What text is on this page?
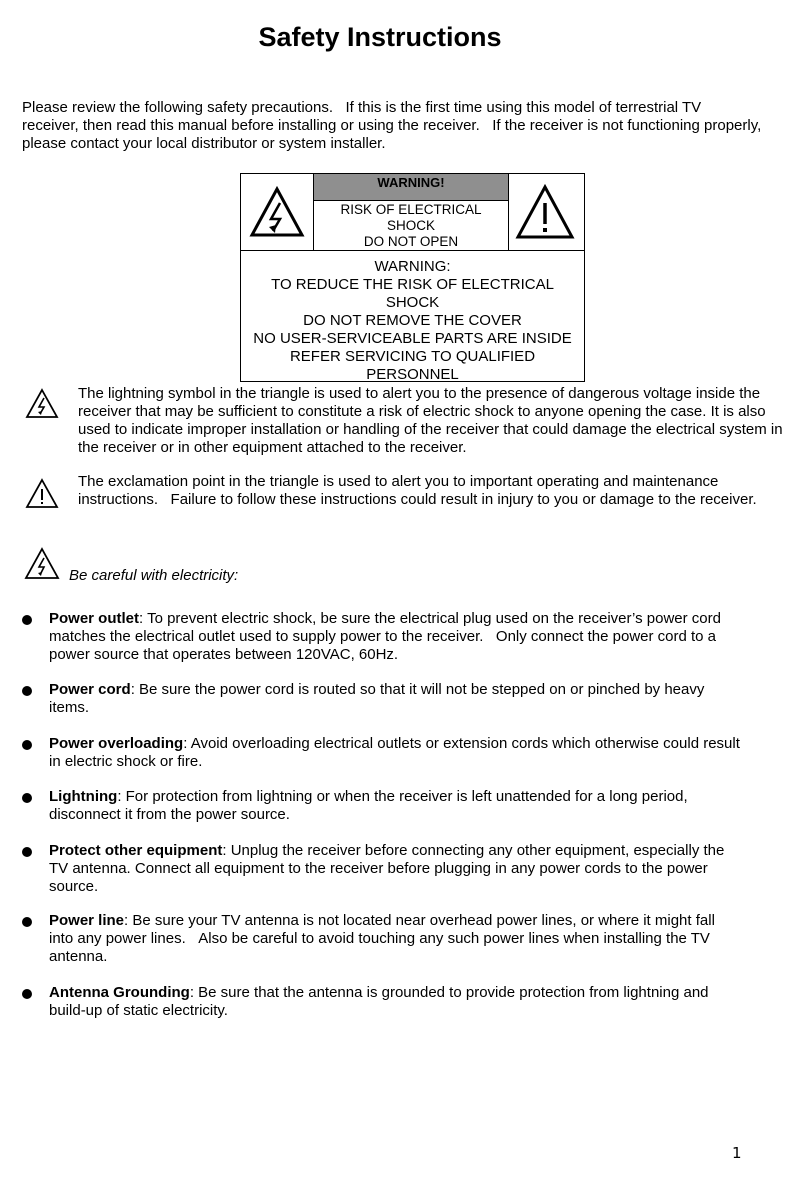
Safety Instructions

Please review the following safety precautions.   If this is the first time using this model of terrestrial TV receiver, then read this manual before installing or using the receiver.   If the receiver is not functioning properly, please contact your local distributor or system installer.

WARNING!
RISK OF ELECTRICAL
SHOCK
DO NOT OPEN
WARNING:
TO REDUCE THE RISK OF ELECTRICAL
SHOCK
DO NOT REMOVE THE COVER
NO USER-SERVICEABLE PARTS ARE INSIDE
REFER SERVICING TO QUALIFIED
PERSONNEL

The lightning symbol in the triangle is used to alert you to the presence of dangerous voltage inside the receiver that may be sufficient to constitute a risk of electric shock to anyone opening the case. It is also used to indicate improper installation or handling of the receiver that could damage the electrical system in the receiver or in other equipment attached to the receiver.

The exclamation point in the triangle is used to alert you to important operating and maintenance instructions.   Failure to follow these instructions could result in injury to you or damage to the receiver.

Be careful with electricity:

Power outlet: To prevent electric shock, be sure the electrical plug used on the receiver’s power cord matches the electrical outlet used to supply power to the receiver.   Only connect the power cord to a power source that operates between 120VAC, 60Hz.
Power cord: Be sure the power cord is routed so that it will not be stepped on or pinched by heavy items.
Power overloading: Avoid overloading electrical outlets or extension cords which otherwise could result in electric shock or fire.
Lightning: For protection from lightning or when the receiver is left unattended for a long period, disconnect it from the power source.
Protect other equipment: Unplug the receiver before connecting any other equipment, especially the TV antenna. Connect all equipment to the receiver before plugging in any power cords to the power source.
Power line: Be sure your TV antenna is not located near overhead power lines, or where it might fall into any power lines.   Also be careful to avoid touching any such power lines when installing the TV antenna.
Antenna Grounding: Be sure that the antenna is grounded to provide protection from lightning and build-up of static electricity.

1
